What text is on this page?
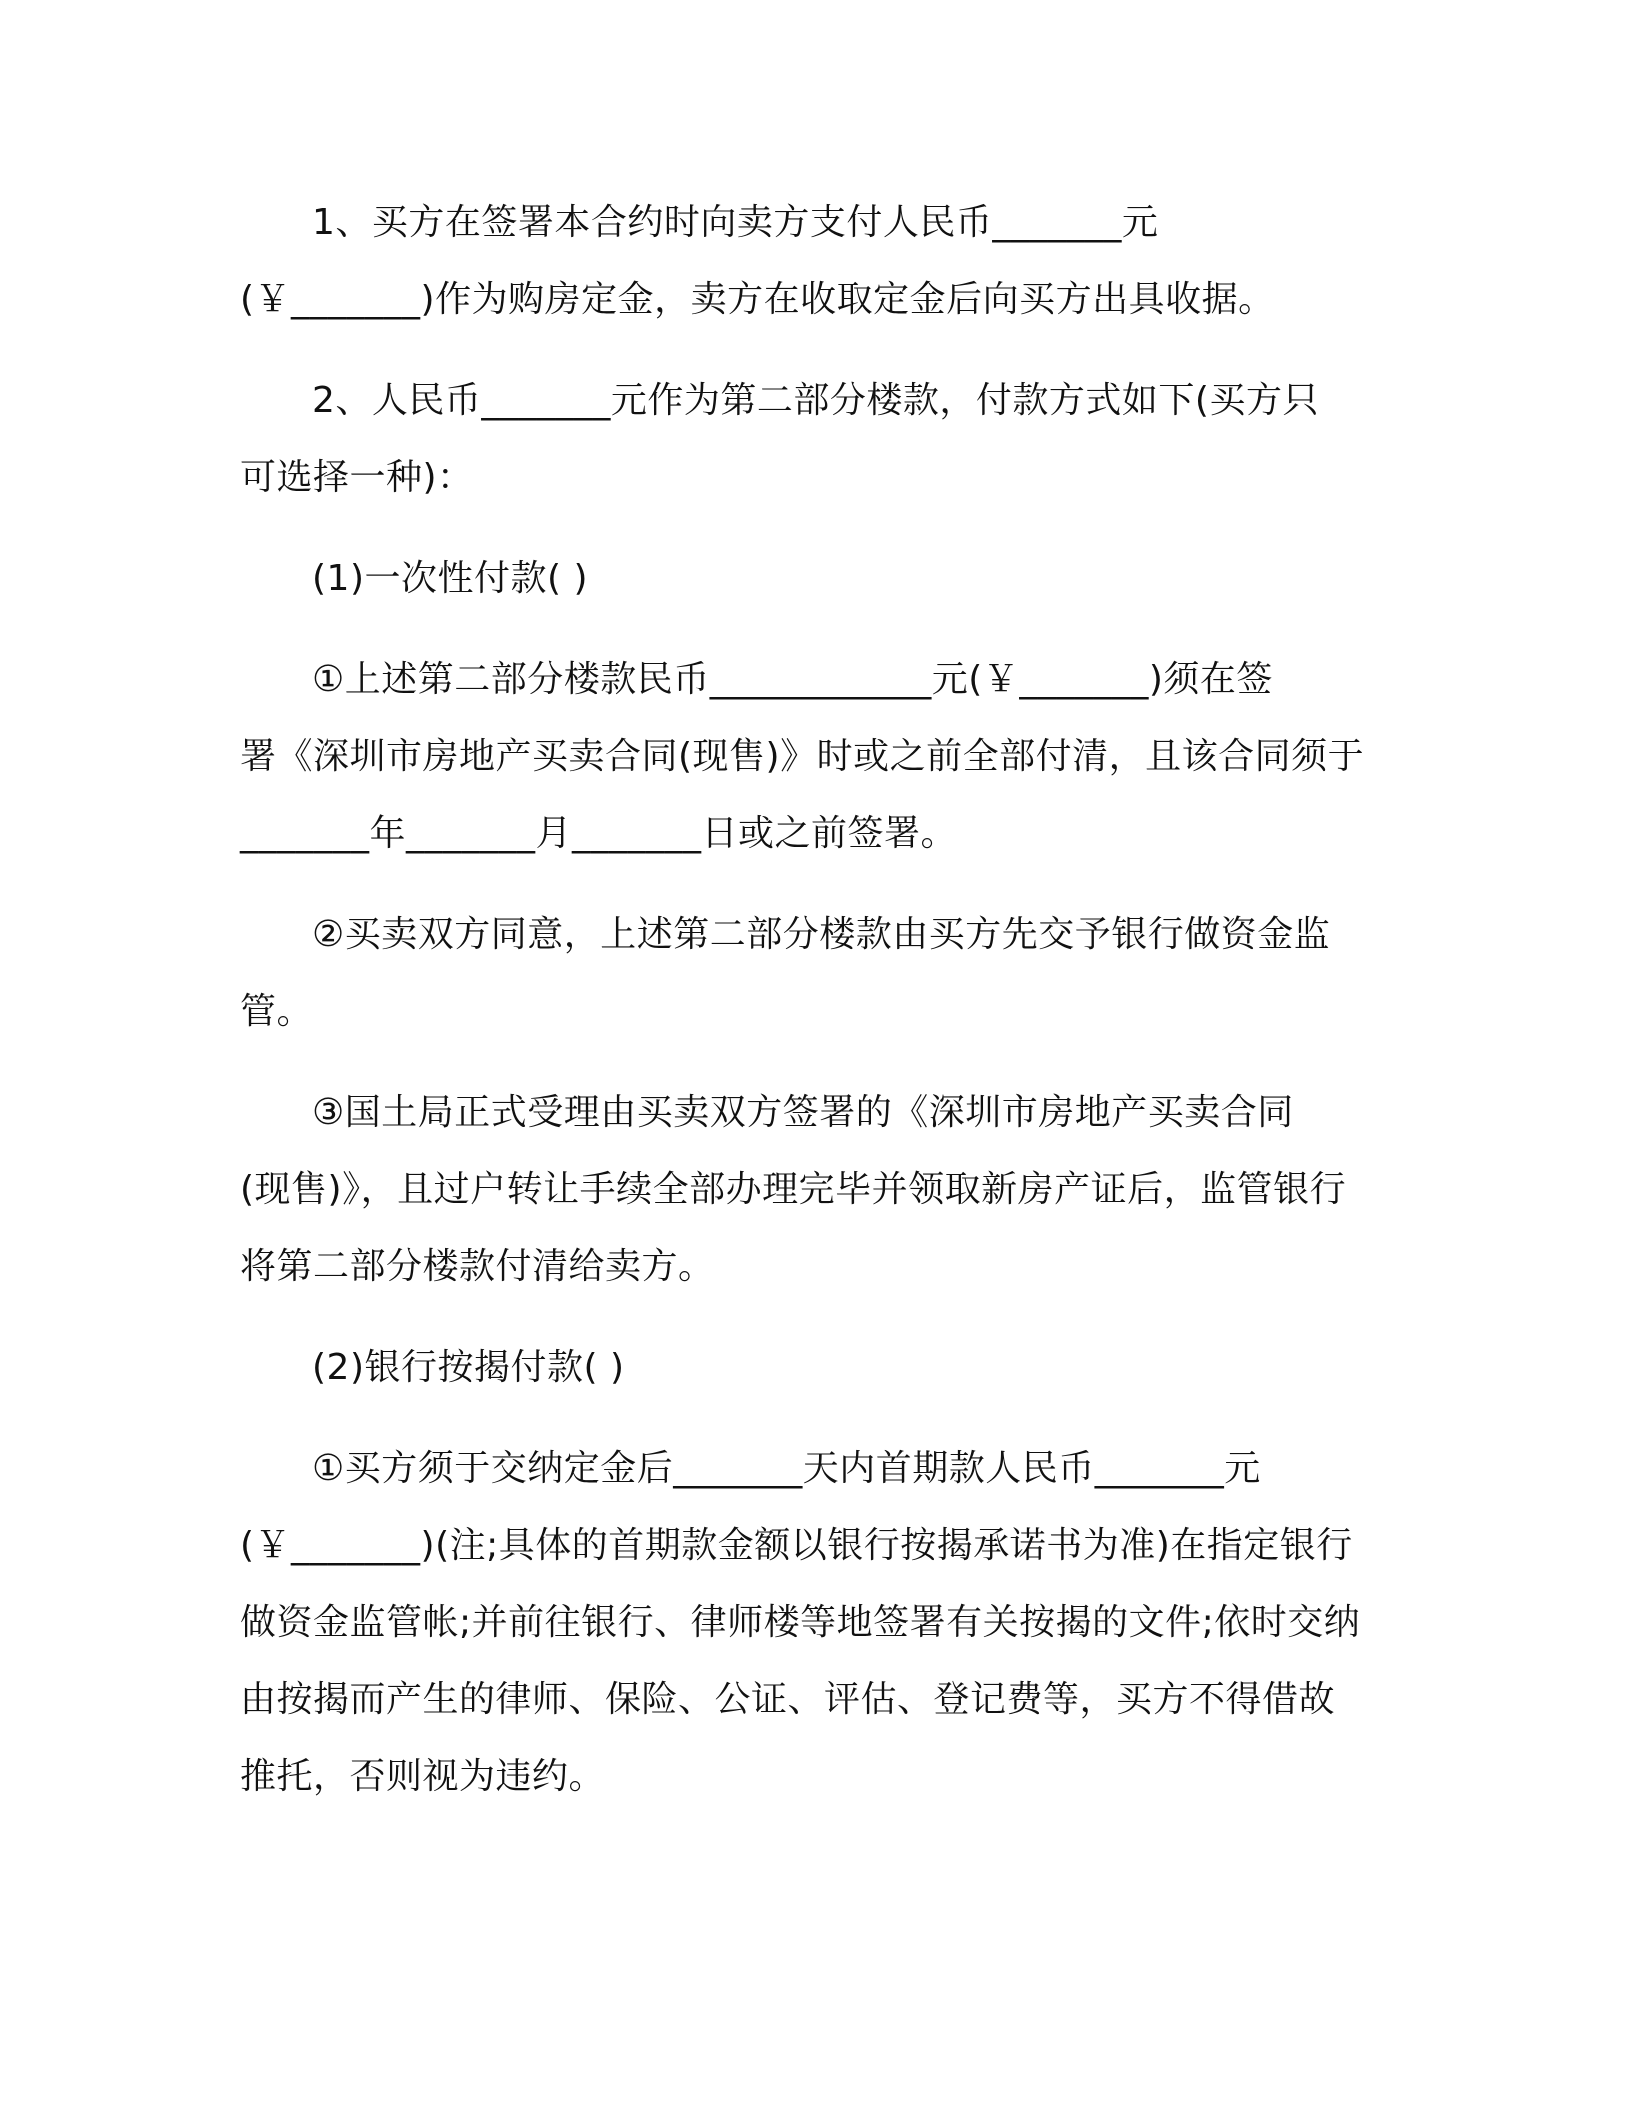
1、买方在签署本合约时向卖方支付人民币_______元
(￥_______)作为购房定金，卖方在收取定金后向买方出具收据。

2、人民币_______元作为第二部分楼款，付款方式如下(买方只
可选择一种)：

(1)一次性付款( )

①上述第二部分楼款民币____________元(￥_______)须在签
署《深圳市房地产买卖合同(现售)》时或之前全部付清，且该合同须于
_______年_______月_______日或之前签署。

②买卖双方同意，上述第二部分楼款由买方先交予银行做资金监
管。

③国土局正式受理由买卖双方签署的《深圳市房地产买卖合同
(现售)》，且过户转让手续全部办理完毕并领取新房产证后，监管银行
将第二部分楼款付清给卖方。

(2)银行按揭付款( )

①买方须于交纳定金后_______天内首期款人民币_______元
(￥_______)(注;具体的首期款金额以银行按揭承诺书为准)在指定银行
做资金监管帐;并前往银行、律师楼等地签署有关按揭的文件;依时交纳
由按揭而产生的律师、保险、公证、评估、登记费等，买方不得借故
推托，否则视为违约。
